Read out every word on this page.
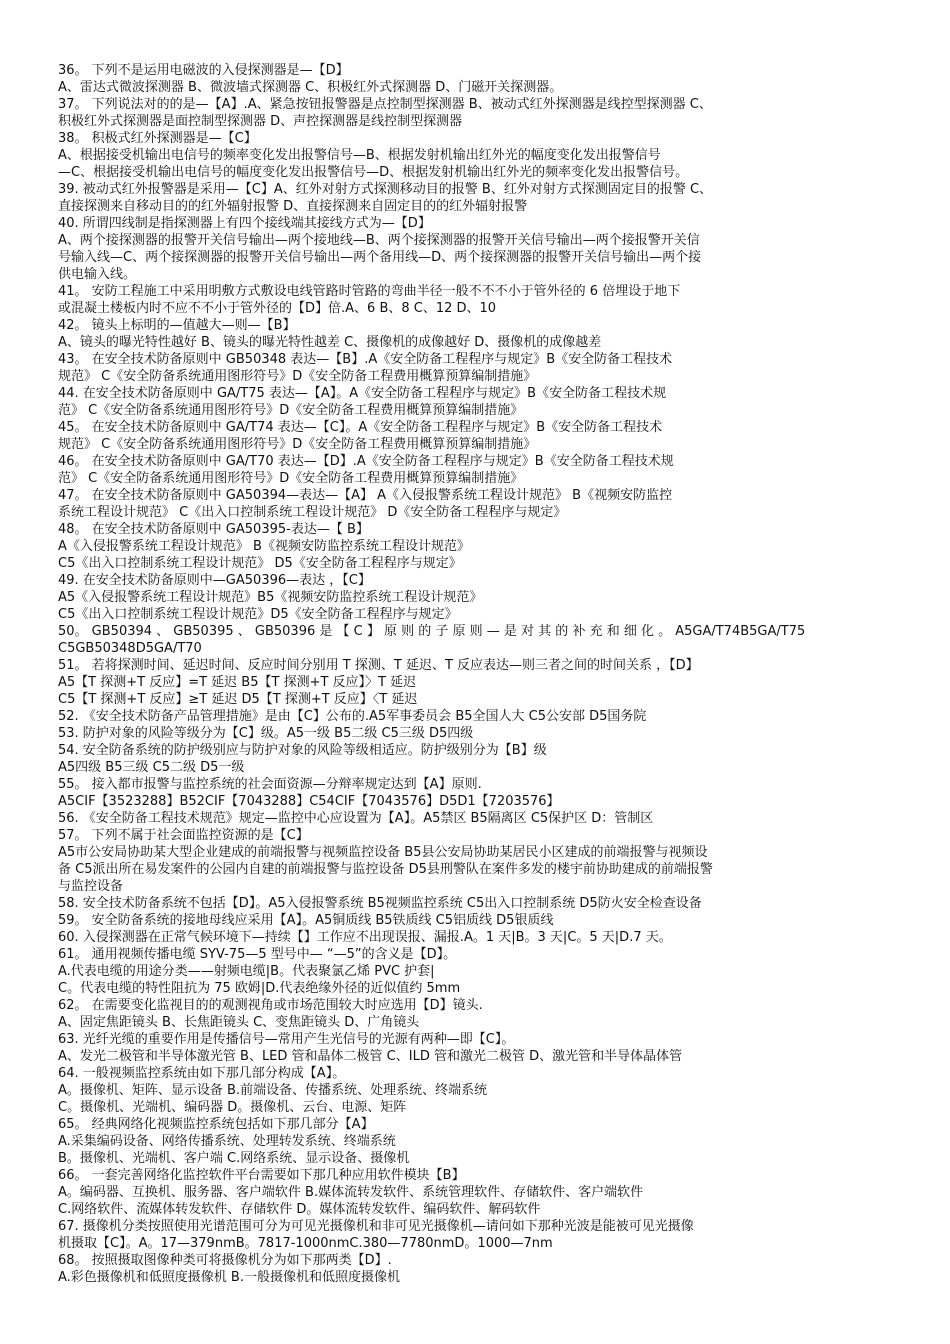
36。 下列不是运用电磁波的入侵探测器是—【D】
A、雷达式微波探测器 B、微波墙式探测器 C、积极红外式探测器 D、门磁开关探测器。
37。 下列说法对的的是—【A】.A、紧急按钮报警器是点控制型探测器 B、被动式红外探测器是线控型探测器 C、
积极红外式探测器是面控制型探测器 D、声控探测器是线控制型探测器
38。 积极式红外探测器是—【C】
A、根据接受机输出电信号的频率变化发出报警信号—B、根据发射机输出红外光的幅度变化发出报警信号
—C、根据接受机输出电信号的幅度变化发出报警信号—D、根据发射机输出红外光的频率变化发出报警信号。
39. 被动式红外报警器是采用—【C】A、红外对射方式探测移动目的报警 B、红外对射方式探测固定目的报警 C、
直接探测来自移动目的的红外辐射报警 D、直接探测来自固定目的的红外辐射报警
40. 所谓四线制是指探测器上有四个接线端其接线方式为—【D】
A、两个接探测器的报警开关信号输出—两个接地线—B、两个接探测器的报警开关信号输出—两个接报警开关信
号输入线—C、两个接探测器的报警开关信号输出—两个备用线—D、两个接探测器的报警开关信号输出—两个接
供电输入线。
41。 安防工程施工中采用明敷方式敷设电线管路时管路的弯曲半径一般不不不小于管外径的 6 倍埋设于地下
或混凝土楼板内时不应不不小于管外径的【D】倍.A、6 B、8 C、12 D、10
42。 镜头上标明的—值越大—则—【B】
A、镜头的曝光特性越好 B、镜头的曝光特性越差 C、摄像机的成像越好 D、摄像机的成像越差
43。 在安全技术防备原则中 GB50348 表达—【B】.A《安全防备工程程序与规定》B《安全防备工程技术
规范》 C《安全防备系统通用图形符号》D《安全防备工程费用概算预算编制措施》
44. 在安全技术防备原则中 GA/T75 表达—【A】。A《安全防备工程程序与规定》B《安全防备工程技术规
范》 C《安全防备系统通用图形符号》D《安全防备工程费用概算预算编制措施》
45。 在安全技术防备原则中 GA/T74 表达—【C】。A《安全防备工程程序与规定》B《安全防备工程技术
规范》 C《安全防备系统通用图形符号》D《安全防备工程费用概算预算编制措施》
46。 在安全技术防备原则中 GA/T70 表达—【D】.A《安全防备工程程序与规定》B《安全防备工程技术规
范》 C《安全防备系统通用图形符号》D《安全防备工程费用概算预算编制措施》
47。 在安全技术防备原则中 GA50394—表达—【A】 A《入侵报警系统工程设计规范》 B《视频安防监控
系统工程设计规范》 C《出入口控制系统工程设计规范》 D《安全防备工程程序与规定》
48。 在安全技术防备原则中 GA50395-表达—【 B】
A《入侵报警系统工程设计规范》 B《视频安防监控系统工程设计规范》
C5《出入口控制系统工程设计规范》 D5《安全防备工程程序与规定》
49. 在安全技术防备原则中—GA50396—表达 ，【C】
A5《入侵报警系统工程设计规范》B5《视频安防监控系统工程设计规范》
C5《出入口控制系统工程设计规范》D5《安全防备工程程序与规定》
50。 GB50394 、 GB50395 、 GB50396 是 【 C 】 原 则 的 子 原 则 — 是 对 其 的 补 充 和 细 化 。 A5GA/T74B5GA/T75
C5GB50348D5GA/T70
51。 若将探测时间、延迟时间、反应时间分别用 T 探测、T 延迟、T 反应表达—则三者之间的时间关系 ，【D】
A5【T 探测+T 反应】=T 延迟 B5【T 探测+T 反应】〉T 延迟
C5【T 探测+T 反应】≥T 延迟 D5【T 探测+T 反应】〈T 延迟
52. 《安全技术防备产品管理措施》是由【C】公布的.A5军事委员会 B5全国人大 C5公安部 D5国务院
53. 防护对象的风险等级分为【C】级。A5一级 B5二级 C5三级 D5四级
54. 安全防备系统的防护级别应与防护对象的风险等级相适应。防护级别分为【B】级
A5四级 B5三级 C5二级 D5一级
55。 接入都市报警与监控系统的社会面资源—分辩率规定达到【A】原则.
A5CIF【3523288】B52CIF【7043288】C54CIF【7043576】D5D1【7203576】
56. 《安全防备工程技术规范》规定—监控中心应设置为【A】。A5禁区 B5隔离区 C5保护区 D：管制区
57。 下列不属于社会面监控资源的是【C】
A5市公安局协助某大型企业建成的前端报警与视频监控设备 B5县公安局协助某居民小区建成的前端报警与视频设
备 C5派出所在易发案件的公园内自建的前端报警与监控设备 D5县刑警队在案件多发的楼宇前协助建成的前端报警
与监控设备
58. 安全技术防备系统不包括【D】。A5入侵报警系统 B5视频监控系统 C5出入口控制系统 D5防火安全检查设备
59。 安全防备系统的接地母线应采用【A】。A5铜质线 B5铁质线 C5铝质线 D5银质线
60. 入侵探测器在正常气候环境下—持续【】工作应不出现误报、漏报.A。1 天|B。3 天|C。5 天|D.7 天。
61。 通用视频传播电缆 SYV-75—5 型号中— “—5”的含义是【D】。
A.代表电缆的用途分类——射频电缆|B。代表聚氯乙烯 PVC 护套|
C。代表电缆的特性阻抗为 75 欧姆|D.代表绝缘外径的近似值约 5mm
62。 在需要变化监视目的的观测视角或市场范围较大时应选用【D】镜头.
A、固定焦距镜头 B、长焦距镜头 C、变焦距镜头 D、广角镜头
63. 光纤光缆的重要作用是传播信号—常用产生光信号的光源有两种—即【C】。
A、发光二极管和半导体激光管 B、LED 管和晶体二极管 C、ILD 管和激光二极管 D、激光管和半导体晶体管
64. 一般视频监控系统由如下那几部分构成【A】。
A。摄像机、矩阵、显示设备 B.前端设备、传播系统、处理系统、终端系统
C。摄像机、光端机、编码器 D。摄像机、云台、电源、矩阵
65。 经典网络化视频监控系统包括如下那几部分【A】
A.采集编码设备、网络传播系统、处理转发系统、终端系统
B。摄像机、光端机、客户端 C.网络系统、显示设备、摄像机
66。 一套完善网络化监控软件平台需要如下那几种应用软件模块【B】
A。编码器、互换机、服务器、客户端软件 B.媒体流转发软件、系统管理软件、存储软件、客户端软件
C.网络软件、流媒体转发软件、存储软件 D。媒体流转发软件、编码软件、解码软件
67. 摄像机分类按照使用光谱范围可分为可见光摄像机和非可见光摄像机—请问如下那种光波是能被可见光摄像
机摄取【C】。A。17—379nmB。7817-1000nmC.380—7780nmD。1000—7nm
68。 按照摄取图像种类可将摄像机分为如下那两类【D】.
A.彩色摄像机和低照度摄像机 B.一般摄像机和低照度摄像机
